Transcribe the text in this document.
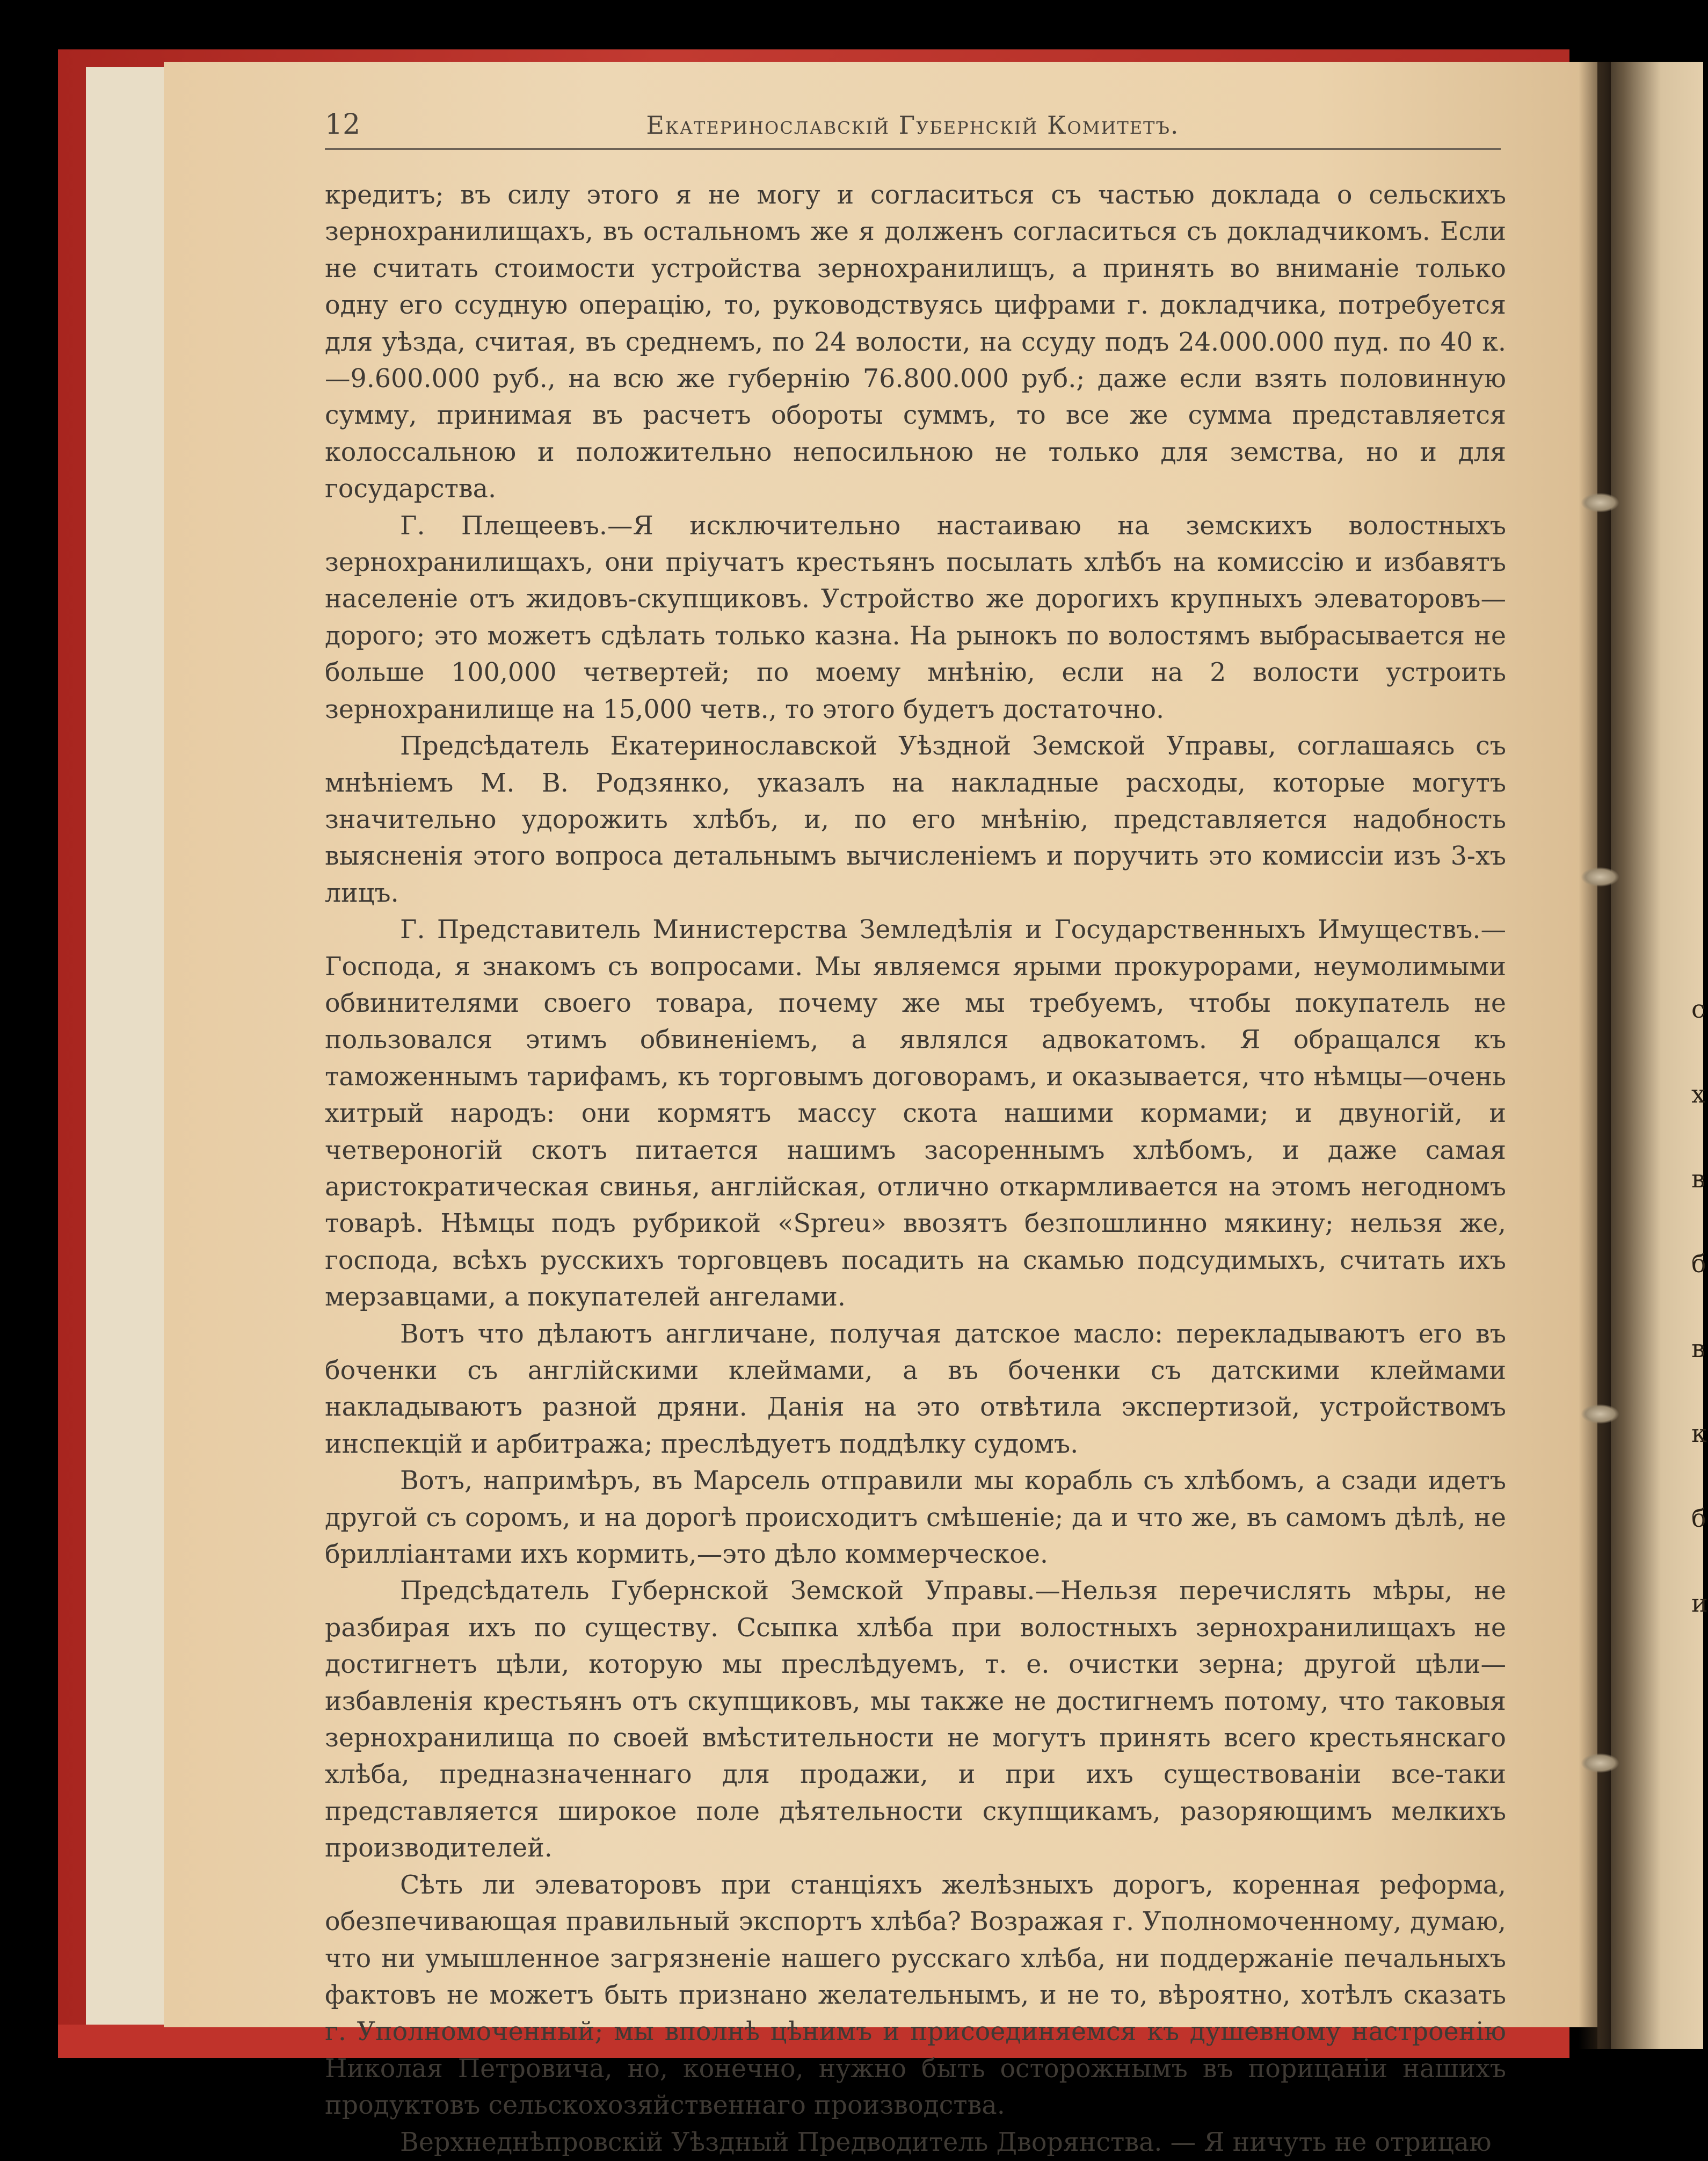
с
х
в
б
в
к
б
и
12	Екатеринославскій Губернскій Комитетъ.

кредитъ; въ силу этого я не могу и согласиться съ частью доклада о сельскихъ зернохранилищахъ, въ остальномъ же я долженъ согласиться съ докладчикомъ. Если не считать стоимости устройства зернохранилищъ, а принять во вниманіе только одну его ссудную операцію, то, руководствуясь цифрами г. докладчика, потребуется для уѣзда, считая, въ среднемъ, по 24 волости, на ссуду подъ 24.000.000 пуд. по 40 к.—9.600.000 руб., на всю же губернію 76.800.000 руб.; даже если взять половинную сумму, принимая въ расчетъ обороты суммъ, то все же сумма представляется колоссальною и положительно непосильною не только для земства, но и для государства.

Г. Плещеевъ.—Я исключительно настаиваю на земскихъ волостныхъ зернохранилищахъ, они пріучатъ крестьянъ посылать хлѣбъ на комиссію и избавятъ населеніе отъ жидовъ-скупщиковъ. Устройство же дорогихъ крупныхъ элеваторовъ—дорого; это можетъ сдѣлать только казна. На рынокъ по волостямъ выбрасывается не больше 100,000 четвертей; по моему мнѣнію, если на 2 волости устроить зернохранилище на 15,000 четв., то этого будетъ достаточно.

Предсѣдатель Екатеринославской Уѣздной Земской Управы, соглашаясь съ мнѣніемъ М. В. Родзянко, указалъ на накладные расходы, которые могутъ значительно удорожить хлѣбъ, и, по его мнѣнію, представляется надобность выясненія этого вопроса детальнымъ вычисленіемъ и поручить это комиссіи изъ 3-хъ лицъ.

Г. Представитель Министерства Земледѣлія и Государственныхъ Имуществъ.—Господа, я знакомъ съ вопросами. Мы являемся ярыми прокурорами, неумолимыми обвинителями своего товара, почему же мы требуемъ, чтобы покупатель не пользовался этимъ обвиненіемъ, а являлся адвокатомъ. Я обращался къ таможеннымъ тарифамъ, къ торговымъ договорамъ, и оказывается, что нѣмцы—очень хитрый народъ: они кормятъ массу скота нашими кормами; и двуногій, и четвероногій скотъ питается нашимъ засореннымъ хлѣбомъ, и даже самая аристократическая свинья, англійская, отлично откармливается на этомъ негодномъ товарѣ. Нѣмцы подъ рубрикой «Spreu» ввозятъ безпошлинно мякину; нельзя же, господа, всѣхъ русскихъ торговцевъ посадить на скамью подсудимыхъ, считать ихъ мерзавцами, а покупателей ангелами.

Вотъ что дѣлаютъ англичане, получая датское масло: перекладываютъ его въ боченки съ англійскими клеймами, а въ боченки съ датскими клеймами накладываютъ разной дряни. Данія на это отвѣтила экспертизой, устройствомъ инспекцій и арбитража; преслѣдуетъ поддѣлку судомъ.

Вотъ, напримѣръ, въ Марсель отправили мы корабль съ хлѣбомъ, а сзади идетъ другой съ соромъ, и на дорогѣ происходитъ смѣшеніе; да и что же, въ самомъ дѣлѣ, не бриллiантами ихъ кормить,—это дѣло коммерческое.

Предсѣдатель Губернской Земской Управы.—Нельзя перечислять мѣры, не разбирая ихъ по существу. Ссыпка хлѣба при волостныхъ зернохранилищахъ не достигнетъ цѣли, которую мы преслѣдуемъ, т. е. очистки зерна; другой цѣли—избавленія крестьянъ отъ скупщиковъ, мы также не достигнемъ потому, что таковыя зернохранилища по своей вмѣстительности не могутъ принять всего крестьянскаго хлѣба, предназначеннаго для продажи, и при ихъ существованіи все-таки представляется широкое поле дѣятельности скупщикамъ, разоряющимъ мелкихъ производителей.

Сѣть ли элеваторовъ при станціяхъ желѣзныхъ дорогъ, коренная реформа, обезпечивающая правильный экспортъ хлѣба? Возражая г. Уполномоченному, думаю, что ни умышленное загрязненіе нашего русскаго хлѣба, ни поддержаніе печальныхъ фактовъ не можетъ быть признано желательнымъ, и не то, вѣроятно, хотѣлъ сказать г. Уполномоченный; мы вполнѣ цѣнимъ и присоединяемся къ душевному настроенію Николая Петровича, но, конечно, нужно быть осторожнымъ въ порицаніи нашихъ продуктовъ сельскохозяйственнаго производства.

Верхнеднѣпровскій Уѣздный Предводитель Дворянства. — Я ничуть не отрицаю
